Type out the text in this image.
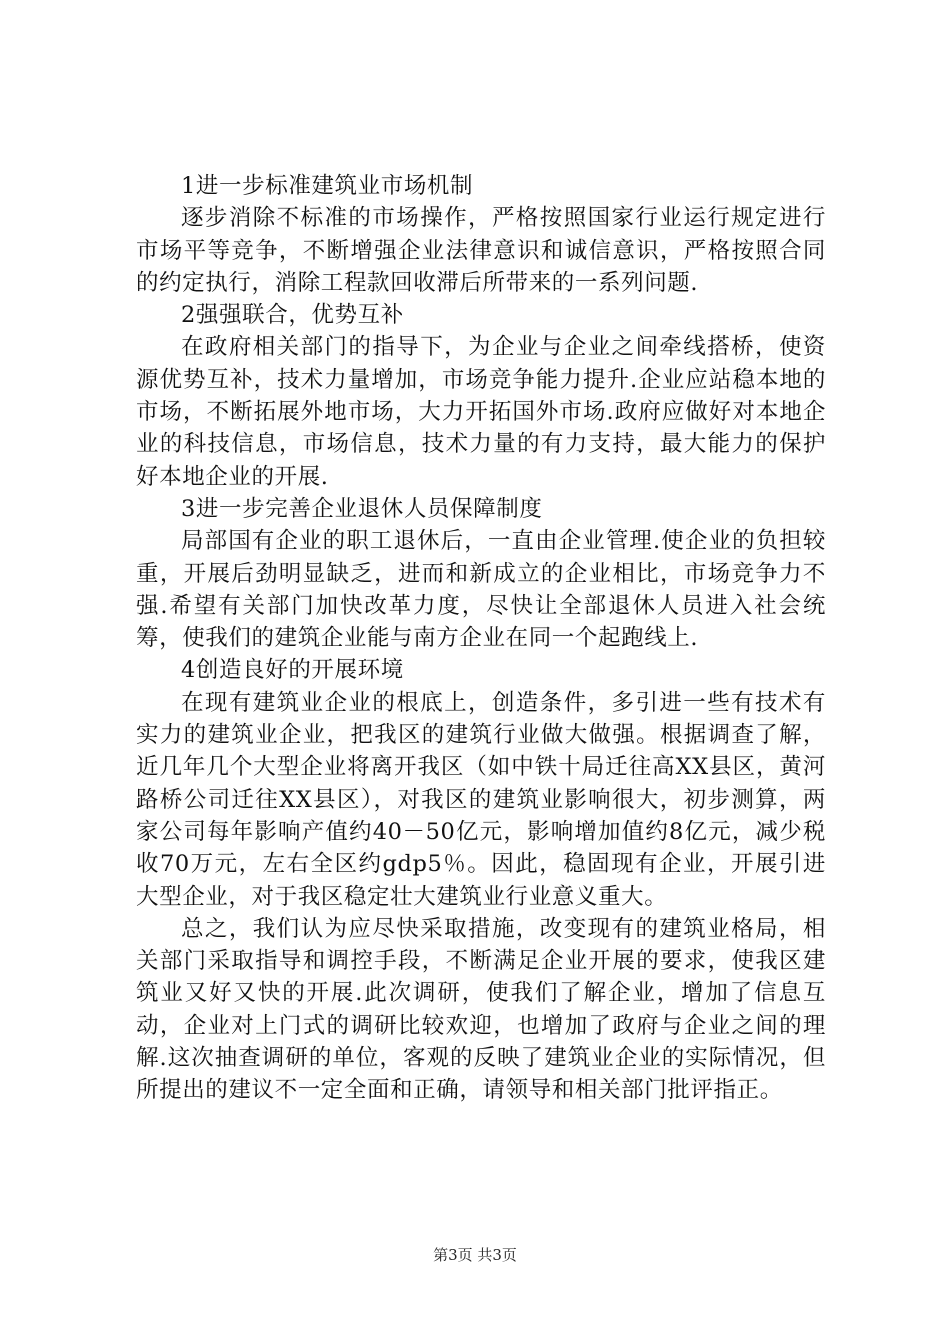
1进一步标准建筑业市场机制

逐步消除不标准的市场操作，严格按照国家行业运行规定进行市场平等竞争，不断增强企业法律意识和诚信意识，严格按照合同的约定执行，消除工程款回收滞后所带来的一系列问题.

2强强联合，优势互补

在政府相关部门的指导下，为企业与企业之间牵线搭桥，使资源优势互补，技术力量增加，市场竞争能力提升.企业应站稳本地的市场，不断拓展外地市场，大力开拓国外市场.政府应做好对本地企业的科技信息，市场信息，技术力量的有力支持，最大能力的保护好本地企业的开展.

3进一步完善企业退休人员保障制度

局部国有企业的职工退休后，一直由企业管理.使企业的负担较重，开展后劲明显缺乏，进而和新成立的企业相比，市场竞争力不强.希望有关部门加快改革力度，尽快让全部退休人员进入社会统筹，使我们的建筑企业能与南方企业在同一个起跑线上.

4创造良好的开展环境

在现有建筑业企业的根底上，创造条件，多引进一些有技术有实力的建筑业企业，把我区的建筑行业做大做强。根据调查了解，近几年几个大型企业将离开我区（如中铁十局迁往高XX县区，黄河路桥公司迁往XX县区），对我区的建筑业影响很大，初步测算，两家公司每年影响产值约40－50亿元，影响增加值约8亿元，减少税收70万元，左右全区约gdp5％。因此，稳固现有企业，开展引进大型企业，对于我区稳定壮大建筑业行业意义重大。

总之，我们认为应尽快采取措施，改变现有的建筑业格局，相关部门采取指导和调控手段，不断满足企业开展的要求，使我区建筑业又好又快的开展.此次调研，使我们了解企业，增加了信息互动，企业对上门式的调研比较欢迎，也增加了政府与企业之间的理解.这次抽查调研的单位，客观的反映了建筑业企业的实际情况，但所提出的建议不一定全面和正确，请领导和相关部门批评指正。

第3页 共3页
